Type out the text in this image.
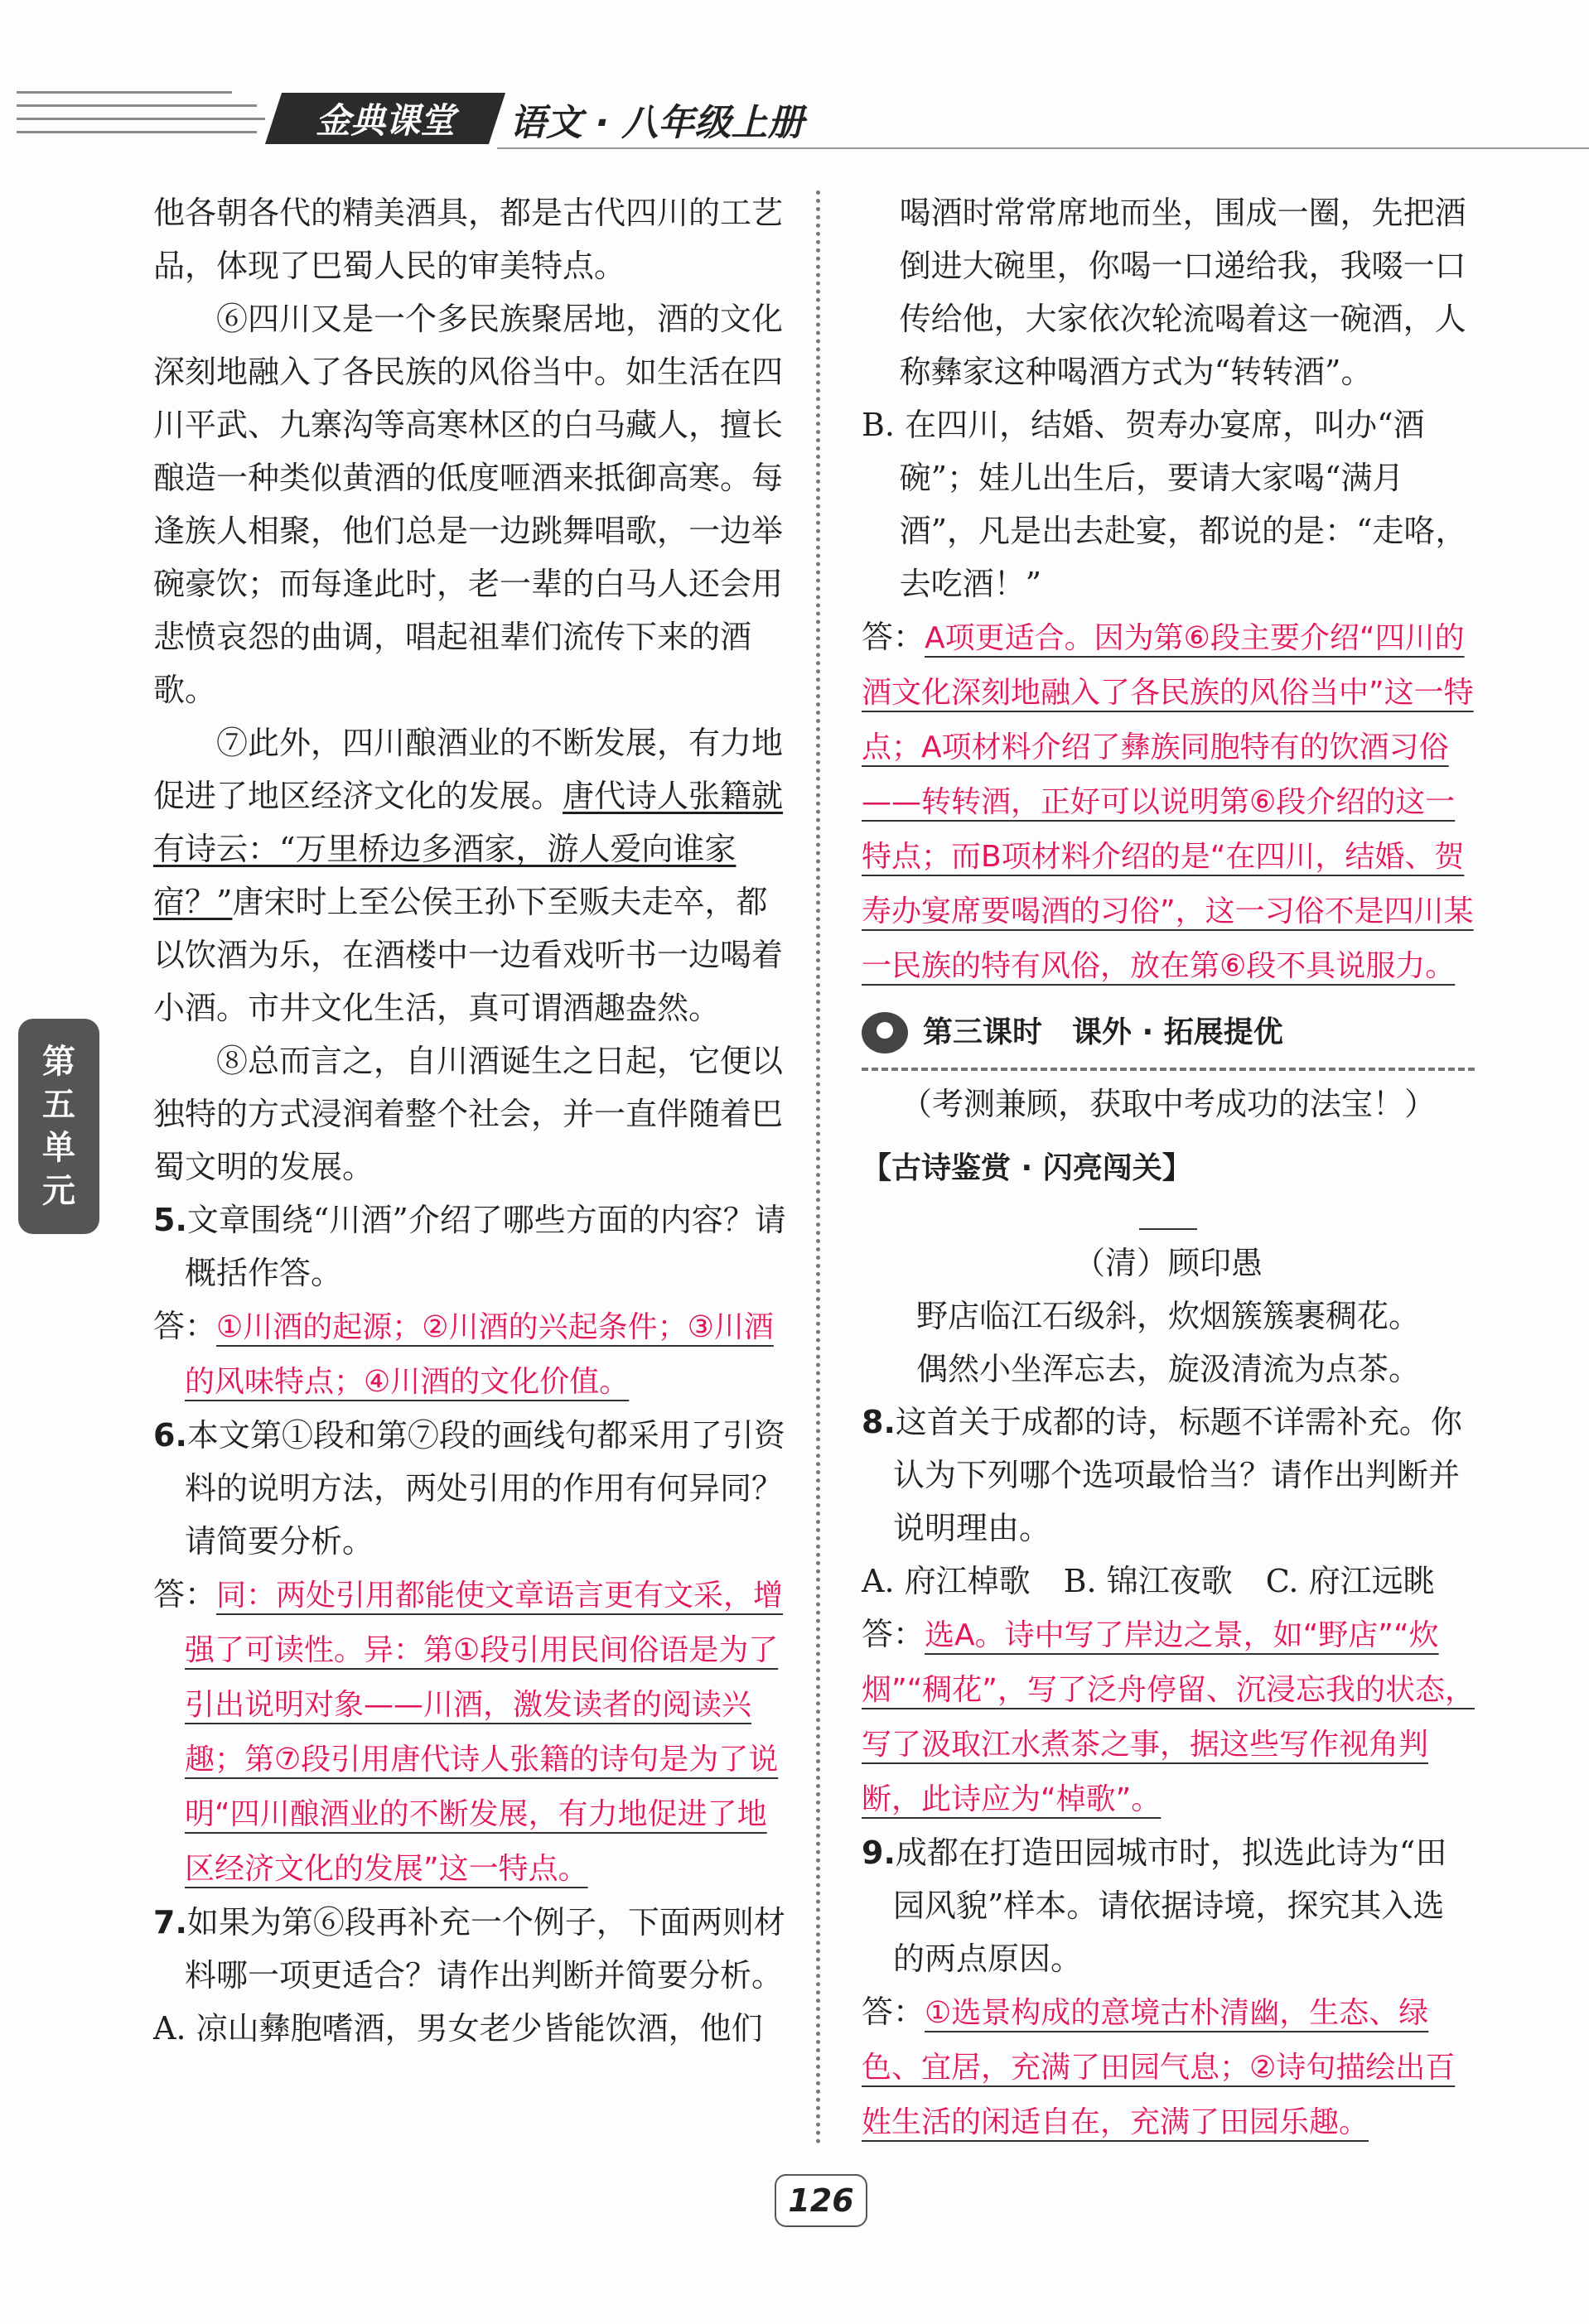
金典课堂 语文 · 八年级上册
第
五
单
元

他各朝各代的精美酒具，都是古代四川的工艺品，体现了巴蜀人民的审美特点。

⑥四川又是一个多民族聚居地，酒的文化深刻地融入了各民族的风俗当中。如生活在四川平武、九寨沟等高寒林区的白马藏人，擅长酿造一种类似黄酒的低度咂酒来抵御高寒。每逢族人相聚，他们总是一边跳舞唱歌，一边举碗豪饮；而每逢此时，老一辈的白马人还会用悲愤哀怨的曲调，唱起祖辈们流传下来的酒歌。

⑦此外，四川酿酒业的不断发展，有力地促进了地区经济文化的发展。唐代诗人张籍就有诗云：“万里桥边多酒家，游人爱向谁家宿？”唐宋时上至公侯王孙下至贩夫走卒，都以饮酒为乐，在酒楼中一边看戏听书一边喝着小酒。市井文化生活，真可谓酒趣盎然。

⑧总而言之，自川酒诞生之日起，它便以独特的方式浸润着整个社会，并一直伴随着巴蜀文明的发展。

5.文章围绕“川酒”介绍了哪些方面的内容？请概括作答。

答：①川酒的起源；②川酒的兴起条件；③川酒的风味特点；④川酒的文化价值。

6.本文第①段和第⑦段的画线句都采用了引资料的说明方法，两处引用的作用有何异同？请简要分析。

答：同：两处引用都能使文章语言更有文采，增强了可读性。异：第①段引用民间俗语是为了引出说明对象——川酒，激发读者的阅读兴趣；第⑦段引用唐代诗人张籍的诗句是为了说明“四川酿酒业的不断发展，有力地促进了地区经济文化的发展”这一特点。

7.如果为第⑥段再补充一个例子，下面两则材料哪一项更适合？请作出判断并简要分析。

A. 凉山彝胞嗜酒，男女老少皆能饮酒，他们

喝酒时常常席地而坐，围成一圈，先把酒倒进大碗里，你喝一口递给我，我啜一口传给他，大家依次轮流喝着这一碗酒，人称彝家这种喝酒方式为“转转酒”。

B. 在四川，结婚、贺寿办宴席，叫办“酒碗”；娃儿出生后，要请大家喝“满月酒”，凡是出去赴宴，都说的是：“走咯，去吃酒！”

答：A项更适合。因为第⑥段主要介绍“四川的酒文化深刻地融入了各民族的风俗当中”这一特点；A项材料介绍了彝族同胞特有的饮酒习俗——转转酒，正好可以说明第⑥段介绍的这一特点；而B项材料介绍的是“在四川，结婚、贺寿办宴席要喝酒的习俗”，这一习俗不是四川某一民族的特有风俗，放在第⑥段不具说服力。

第三课时　课外 · 拓展提优

（考测兼顾，获取中考成功的法宝！）

【古诗鉴赏 · 闪亮闯关】

（清）顾印愚

野店临江石级斜，炊烟簇簇裹稠花。

偶然小坐浑忘去，旋汲清流为点茶。

8.这首关于成都的诗，标题不详需补充。你认为下列哪个选项最恰当？请作出判断并说明理由。

A. 府江棹歌 B. 锦江夜歌 C. 府江远眺

答：选A。诗中写了岸边之景，如“野店”“炊烟”“稠花”，写了泛舟停留、沉浸忘我的状态，写了汲取江水煮茶之事，据这些写作视角判断，此诗应为“棹歌”。

9.成都在打造田园城市时，拟选此诗为“田园风貌”样本。请依据诗境，探究其入选的两点原因。

答：①选景构成的意境古朴清幽，生态、绿色、宜居，充满了田园气息；②诗句描绘出百姓生活的闲适自在，充满了田园乐趣。

126
